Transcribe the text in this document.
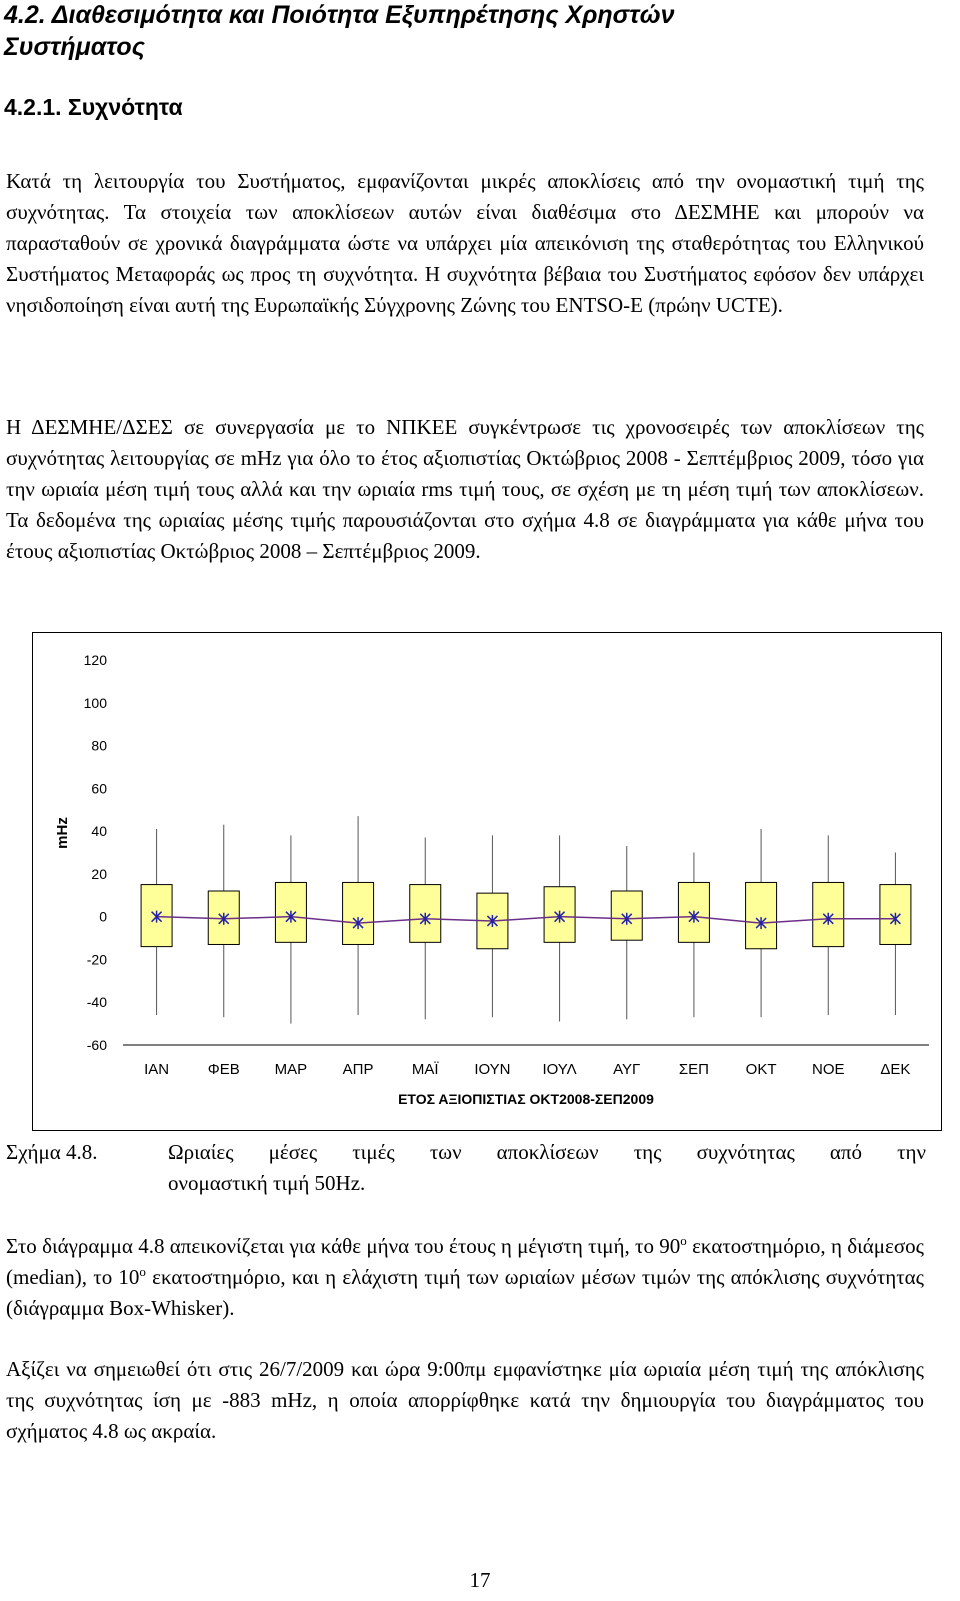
4.2. Διαθεσιμότητα και Ποιότητα Εξυπηρέτησης Χρηστών
Συστήματος
4.2.1. Συχνότητα
Κατά τη λειτουργία του Συστήματος, εμφανίζονται μικρές αποκλίσεις από την ονομαστική τιμή της συχνότητας. Τα στοιχεία των αποκλίσεων αυτών είναι διαθέσιμα στο ΔΕΣΜΗΕ και μπορούν να παρασταθούν σε χρονικά διαγράμματα ώστε να υπάρχει μία απεικόνιση της σταθερότητας του Ελληνικού Συστήματος Μεταφοράς ως προς τη συχνότητα. Η συχνότητα βέβαια του Συστήματος εφόσον δεν υπάρχει νησιδοποίηση είναι αυτή της Ευρωπαϊκής Σύγχρονης Ζώνης του ENTSO-E (πρώην UCTE).
Η ΔΕΣΜΗΕ/ΔΣΕΣ σε συνεργασία με το ΝΠΚΕΕ συγκέντρωσε τις χρονοσειρές των αποκλίσεων της συχνότητας λειτουργίας σε mHz για όλο το έτος αξιοπιστίας Οκτώβριος 2008 - Σεπτέμβριος 2009, τόσο για την ωριαία μέση τιμή τους αλλά και την ωριαία rms τιμή τους, σε σχέση με τη μέση τιμή των αποκλίσεων. Τα δεδομένα της ωριαίας μέσης τιμής παρουσιάζονται στο σχήμα 4.8 σε διαγράμματα για κάθε μήνα του έτους αξιοπιστίας Οκτώβριος 2008 – Σεπτέμβριος 2009.
120
100
80
60
40
20
0
-20
-40
-60
ΙΑΝ	ΦΕΒ ΜΑΡ ΑΠΡ	ΜΑΪ ΙΟΥΝ ΙΟΥΛ ΑΥΓ	ΣΕΠ ΟΚΤ ΝΟΕ ΔΕΚ
mHz
ΕΤΟΣ ΑΞΙΟΠΙΣΤΙΑΣ ΟΚΤ2008-ΣΕΠ2009
Σχήμα 4.8.	Ωριαίες μέσες τιμές των αποκλίσεων της συχνότητας από την
ονομαστική τιμή 50Hz.
Στο διάγραμμα 4.8 απεικονίζεται για κάθε μήνα του έτους η μέγιστη τιμή, το $90^o$ εκατοστημόριο, η διάμεσος (median), το $10^o$ εκατοστημόριο, και η ελάχιστη τιμή των ωριαίων μέσων τιμών της απόκλισης συχνότητας (διάγραμμα Box-Whisker).
Αξίζει να σημειωθεί ότι στις 26/7/2009 και ώρα 9:00πμ εμφανίστηκε μία ωριαία μέση τιμή της απόκλισης της συχνότητας ίση με -883 mHz, η οποία απορρίφθηκε κατά την δημιουργία του διαγράμματος του σχήματος 4.8 ως ακραία.
17
